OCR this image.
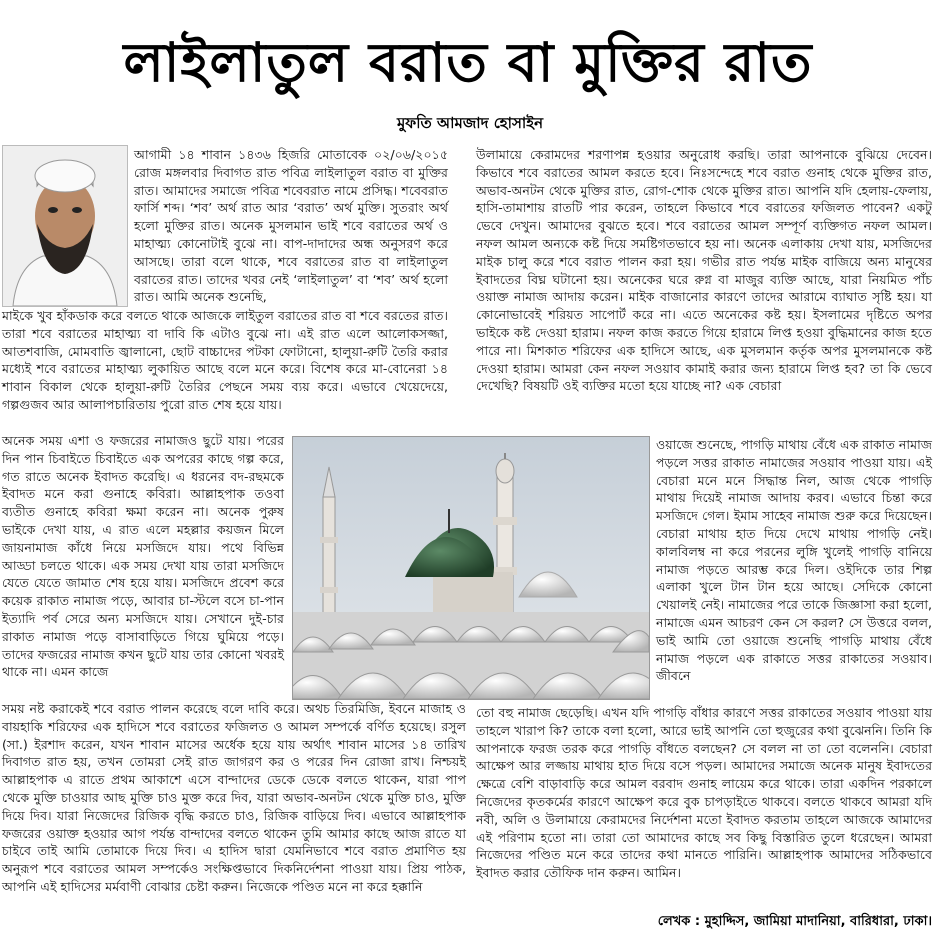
লাইলাতুল বরাত বা মুক্তির রাত
মুফতি আমজাদ হোসাইন

আগামী ১৪ শাবান ১৪৩৬ হিজরি মোতাবেক ০২/০৬/২০১৫ রোজ মঙ্গলবার দিবাগত রাত পবিত্র লাইলাতুল বরাত বা মুক্তির রাত। আমাদের সমাজে পবিত্র শবেবরাত নামে প্রসিদ্ধ। শবেবরাত ফার্সি শব্দ। ‘শব’ অর্থ রাত আর ‘বরাত’ অর্থ মুক্তি। সুতরাং অর্থ হলো মুক্তির রাত। অনেক মুসলমান ভাই শবে বরাতের অর্থ ও মাহাত্ম্য কোনোটাই বুঝে না। বাপ-দাদাদের অন্ধ অনুসরণ করে আসছে। তারা বলে থাকে, শবে বরাতের রাত বা লাইলাতুল বরাতের রাত। তাদের খবর নেই ‘লাইলাতুল’ বা ‘শব’ অর্থ হলো রাত। আমি অনেক শুনেছি,

মাইকে খুব হাঁকডাক করে বলতে থাকে আজকে লাইতুল বরাতের রাত বা শবে বরতের রাত। তারা শবে বরাতের মাহাত্ম্য বা দাবি কি এটাও বুঝে না। এই রাত এলে আলোকসজ্জা, আতশবাজি, মোমবাতি জ্বালানো, ছোট বাচ্চাদের পটকা ফোটানো, হালুয়া-রুটি তৈরি করার মধ্যেই শবে বরাতের মাহাত্ম্য লুকায়িত আছে বলে মনে করে। বিশেষ করে মা-বোনেরা ১৪ শাবান বিকাল থেকে হালুয়া-রুটি তৈরির পেছনে সময় ব্যয় করে। এভাবে খেয়েদেয়ে, গল্পগুজব আর আলাপচারিতায় পুরো রাত শেষ হয়ে যায়।

অনেক সময় এশা ও ফজরের নামাজও ছুটে যায়। পরের দিন পান চিবাইতে চিবাইতে এক অপরের কাছে গল্প করে, গত রাতে অনেক ইবাদত করেছি। এ ধরনের বদ-রছমকে ইবাদত মনে করা গুনাহে কবিরা। আল্লাহপাক তওবা ব্যতীত গুনাহে কবিরা ক্ষমা করেন না। অনেক পুরুষ ভাইকে দেখা যায়, এ রাত এলে মহল্লার কয়জন মিলে জায়নামাজ কাঁধে নিয়ে মসজিদে যায়। পথে বিভিন্ন আড্ডা চলতে থাকে। এক সময় দেখা যায় তারা মসজিদে যেতে যেতে জামাত শেষ হয়ে যায়। মসজিদে প্রবেশ করে কয়েক রাকাত নামাজ পড়ে, আবার চা-স্টলে বসে চা-পান ইত্যাদি পর্ব সেরে অন্য মসজিদে যায়। সেখানে দুই-চার রাকাত নামাজ পড়ে বাসাবাড়িতে গিয়ে ঘুমিয়ে পড়ে। তাদের ফজরের নামাজ কখন ছুটে যায় তার কোনো খবরই থাকে না। এমন কাজে

সময় নষ্ট করাকেই শবে বরাত পালন করেছে বলে দাবি করে। অথচ তিরমিজি, ইবনে মাজাহ ও বায়হাকি শরিফের এক হাদিসে শবে বরাতের ফজিলত ও আমল সম্পর্কে বর্ণিত হয়েছে। রসুল (সা.) ইরশাদ করেন, যখন শাবান মাসের অর্ধেক হয়ে যায় অর্থাৎ শাবান মাসের ১৪ তারিখ দিবাগত রাত হয়, তখন তোমরা সেই রাত জাগরণ কর ও পরের দিন রোজা রাখ। নিশ্চয়ই আল্লাহপাক এ রাতে প্রথম আকাশে এসে বান্দাদের ডেকে ডেকে বলতে থাকেন, যারা পাপ থেকে মুক্তি চাওয়ার আছ মুক্তি চাও মুক্ত করে দিব, যারা অভাব-অনটন থেকে মুক্তি চাও, মুক্তি দিয়ে দিব। যারা নিজেদের রিজিক বৃদ্ধি করতে চাও, রিজিক বাড়িয়ে দিব। এভাবে আল্লাহপাক ফজরের ওয়াক্ত হওয়ার আগ পর্যন্ত বান্দাদের বলতে থাকেন তুমি আমার কাছে আজ রাতে যা চাইবে তাই আমি তোমাকে দিয়ে দিব। এ হাদিস দ্বারা যেমনিভাবে শবে বরাত প্রমাণিত হয় অনুরূপ শবে বরাতের আমল সম্পর্কেও সংক্ষিপ্তভাবে দিকনির্দেশনা পাওয়া যায়। প্রিয় পাঠক, আপনি এই হাদিসের মর্মবাণী বোঝার চেষ্টা করুন। নিজেকে পণ্ডিত মনে না করে হক্কানি

উলামায়ে কেরামদের শরণাপন্ন হওয়ার অনুরোধ করছি। তারা আপনাকে বুঝিয়ে দেবেন। কিভাবে শবে বরাতের আমল করতে হবে। নিঃসন্দেহে শবে বরাত গুনাহ থেকে মুক্তির রাত, অভাব-অনটন থেকে মুক্তির রাত, রোগ-শোক থেকে মুক্তির রাত। আপনি যদি হেলায়-ফেলায়, হাসি-তামাশায় রাতটি পার করেন, তাহলে কিভাবে শবে বরাতের ফজিলত পাবেন? একটু ভেবে দেখুন। আমাদের বুঝতে হবে। শবে বরাতের আমল সম্পূর্ণ ব্যক্তিগত নফল আমল। নফল আমল অন্যকে কষ্ট দিয়ে সমষ্টিগতভাবে হয় না। অনেক এলাকায় দেখা যায়, মসজিদের মাইক চালু করে শবে বরাত পালন করা হয়। গভীর রাত পর্যন্ত মাইক বাজিয়ে অন্য মানুষের ইবাদতের বিঘ্ন ঘটানো হয়। অনেকের ঘরে রুগ্ন বা মাজুর ব্যক্তি আছে, যারা নিয়মিত পাঁচ ওয়াক্ত নামাজ আদায় করেন। মাইক বাজানোর কারণে তাদের আরামে ব্যাঘাত সৃষ্টি হয়। যা কোনোভাবেই শরিয়ত সাপোর্ট করে না। এতে অনেকের কষ্ট হয়। ইসলামের দৃষ্টিতে অপর ভাইকে কষ্ট দেওয়া হারাম। নফল কাজ করতে গিয়ে হারামে লিপ্ত হওয়া বুদ্ধিমানের কাজ হতে পারে না। মিশকাত শরিফের এক হাদিসে আছে, এক মুসলমান কর্তৃক অপর মুসলমানকে কষ্ট দেওয়া হারাম। আমরা কেন নফল সওয়াব কামাই করার জন্য হারামে লিপ্ত হব? তা কি ভেবে দেখেছি? বিষয়টি ওই ব্যক্তির মতো হয়ে যাচ্ছে না? এক বেচারা

ওয়াজে শুনেছে, পাগড়ি মাথায় বেঁধে এক রাকাত নামাজ পড়লে সত্তর রাকাত নামাজের সওয়াব পাওয়া যায়। এই বেচারা মনে মনে সিদ্ধান্ত নিল, আজ থেকে পাগড়ি মাথায় দিয়েই নামাজ আদায় করব। এভাবে চিন্তা করে মসজিদে গেল। ইমাম সাহেব নামাজ শুরু করে দিয়েছেন। বেচারা মাথায় হাত দিয়ে দেখে মাথায় পাগড়ি নেই। কালবিলম্ব না করে পরনের লুঙ্গি খুলেই পাগড়ি বানিয়ে নামাজ পড়তে আরম্ভ করে দিল। ওইদিকে তার শিল্প এলাকা খুলে টান টান হয়ে আছে। সেদিকে কোনো খেয়ালই নেই। নামাজের পরে তাকে জিজ্ঞাসা করা হলো, নামাজে এমন আচরণ কেন সে করল? সে উত্তরে বলল, ভাই আমি তো ওয়াজে শুনেছি পাগড়ি মাথায় বেঁধে নামাজ পড়লে এক রাকাতে সত্তর রাকাতের সওয়াব। জীবনে

তো বহু নামাজ ছেড়েছি। এখন যদি পাগড়ি বাঁধার কারণে সত্তর রাকাতের সওয়াব পাওয়া যায় তাহলে খারাপ কি? তাকে বলা হলো, আরে ভাই আপনি তো হুজুরের কথা বুঝেননি। তিনি কি আপনাকে ফরজ তরক করে পাগড়ি বাঁধতে বলছেন? সে বলল না তা তো বলেননি। বেচারা আক্ষেপ আর লজ্জায় মাথায় হাত দিয়ে বসে পড়ল। আমাদের সমাজে অনেক মানুষ ইবাদতের ক্ষেত্রে বেশি বাড়াবাড়ি করে আমল বরবাদ গুনাহ লায়েম করে থাকে। তারা একদিন পরকালে নিজেদের কৃতকর্মের কারণে আক্ষেপ করে বুক চাপড়াইতে থাকবে। বলতে থাকবে আমরা যদি নবী, অলি ও উলামায়ে কেরামদের নির্দেশনা মতো ইবাদত করতাম তাহলে আজকে আমাদের এই পরিণাম হতো না। তারা তো আমাদের কাছে সব কিছু বিস্তারিত তুলে ধরেছেন। আমরা নিজেদের পণ্ডিত মনে করে তাদের কথা মানতে পারিনি। আল্লাহপাক আমাদের সঠিকভাবে ইবাদত করার তৌফিক দান করুন। আমিন।

লেখক : মুহাদ্দিস, জামিয়া মাদানিয়া, বারিধারা, ঢাকা।
